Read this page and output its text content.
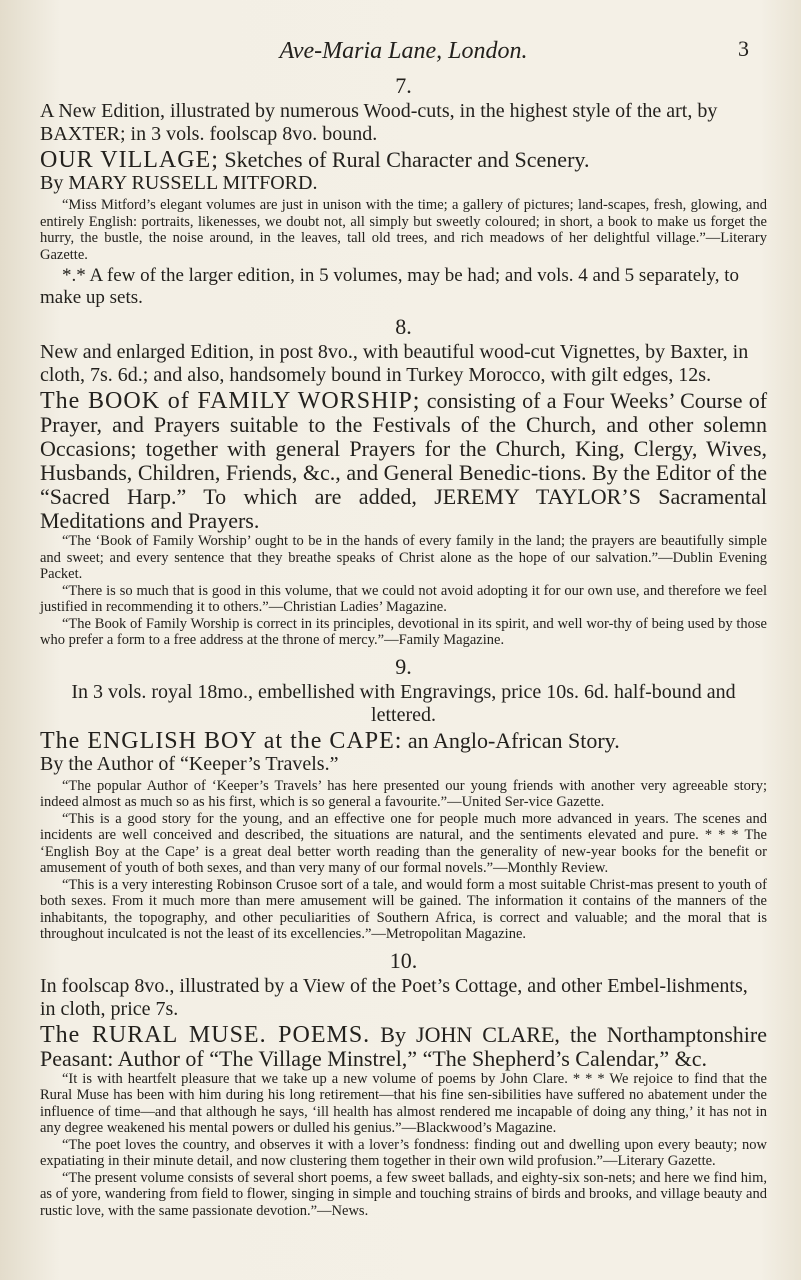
Ave-Maria Lane, London.	3
7.

A New Edition, illustrated by numerous Wood-cuts, in the highest style of the art, by BAXTER; in 3 vols. foolscap 8vo. bound.

OUR VILLAGE; Sketches of Rural Character and Scenery.

By MARY RUSSELL MITFORD.

“Miss Mitford’s elegant volumes are just in unison with the time; a gallery of pictures; land-scapes, fresh, glowing, and entirely English: portraits, likenesses, we doubt not, all simply but sweetly coloured; in short, a book to make us forget the hurry, the bustle, the noise around, in the leaves, tall old trees, and rich meadows of her delightful village.”—Literary Gazette.

*.* A few of the larger edition, in 5 volumes, may be had; and vols. 4 and 5 separately, to make up sets.

8.

New and enlarged Edition, in post 8vo., with beautiful wood-cut Vignettes, by Baxter, in cloth, 7s. 6d.; and also, handsomely bound in Turkey Morocco, with gilt edges, 12s.

The BOOK of FAMILY WORSHIP; consisting of a Four Weeks’ Course of Prayer, and Prayers suitable to the Festivals of the Church, and other solemn Occasions; together with general Prayers for the Church, King, Clergy, Wives, Husbands, Children, Friends, &c., and General Benedic-tions. By the Editor of the “Sacred Harp.” To which are added, JEREMY TAYLOR’S Sacramental Meditations and Prayers.

“The ‘Book of Family Worship’ ought to be in the hands of every family in the land; the prayers are beautifully simple and sweet; and every sentence that they breathe speaks of Christ alone as the hope of our salvation.”—Dublin Evening Packet.

“There is so much that is good in this volume, that we could not avoid adopting it for our own use, and therefore we feel justified in recommending it to others.”—Christian Ladies’ Magazine.

“The Book of Family Worship is correct in its principles, devotional in its spirit, and well wor-thy of being used by those who prefer a form to a free address at the throne of mercy.”—Family Magazine.

9.

In 3 vols. royal 18mo., embellished with Engravings, price 10s. 6d. half-bound and lettered.

The ENGLISH BOY at the CAPE: an Anglo-African Story.

By the Author of “Keeper’s Travels.”

“The popular Author of ‘Keeper’s Travels’ has here presented our young friends with another very agreeable story; indeed almost as much so as his first, which is so general a favourite.”—United Ser-vice Gazette.

“This is a good story for the young, and an effective one for people much more advanced in years. The scenes and incidents are well conceived and described, the situations are natural, and the sentiments elevated and pure. * * * The ‘English Boy at the Cape’ is a great deal better worth reading than the generality of new-year books for the benefit or amusement of youth of both sexes, and than very many of our formal novels.”—Monthly Review.

“This is a very interesting Robinson Crusoe sort of a tale, and would form a most suitable Christ-mas present to youth of both sexes. From it much more than mere amusement will be gained. The information it contains of the manners of the inhabitants, the topography, and other peculiarities of Southern Africa, is correct and valuable; and the moral that is throughout inculcated is not the least of its excellencies.”—Metropolitan Magazine.

10.

In foolscap 8vo., illustrated by a View of the Poet’s Cottage, and other Embel-lishments, in cloth, price 7s.

The RURAL MUSE. POEMS. By JOHN CLARE, the Northamptonshire Peasant: Author of “The Village Minstrel,” “The Shepherd’s Calendar,” &c.

“It is with heartfelt pleasure that we take up a new volume of poems by John Clare. * * * We rejoice to find that the Rural Muse has been with him during his long retirement—that his fine sen-sibilities have suffered no abatement under the influence of time—and that although he says, ‘ill health has almost rendered me incapable of doing any thing,’ it has not in any degree weakened his mental powers or dulled his genius.”—Blackwood’s Magazine.

“The poet loves the country, and observes it with a lover’s fondness: finding out and dwelling upon every beauty; now expatiating in their minute detail, and now clustering them together in their own wild profusion.”—Literary Gazette.

“The present volume consists of several short poems, a few sweet ballads, and eighty-six son-nets; and here we find him, as of yore, wandering from field to flower, singing in simple and touching strains of birds and brooks, and village beauty and rustic love, with the same passionate devotion.”—News.
